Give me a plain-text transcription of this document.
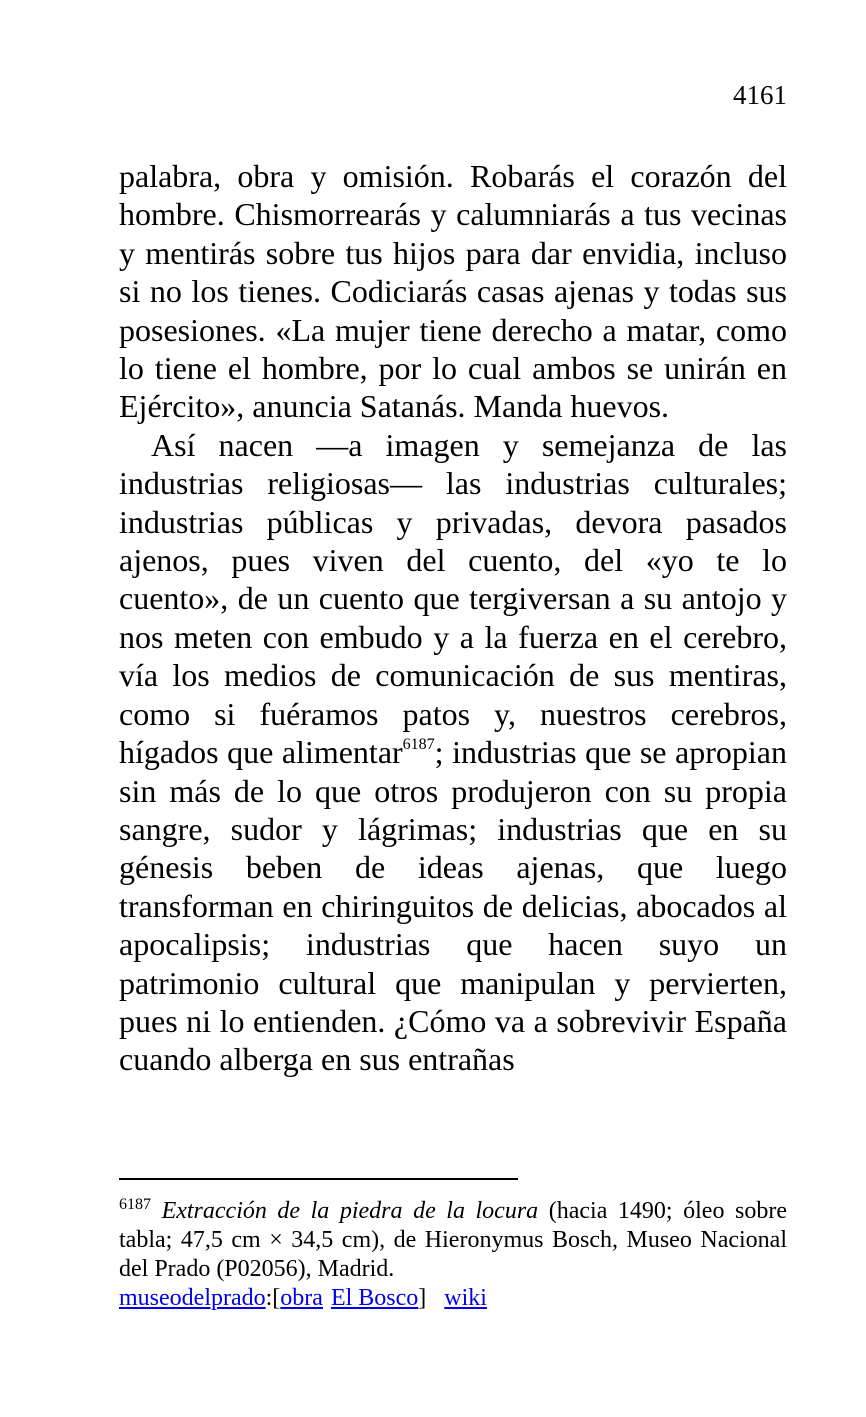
4161

palabra, obra y omisión. Robarás el corazón del hombre. Chismorrearás y calumniarás a tus vecinas y mentirás sobre tus hijos para dar envidia, incluso si no los tienes. Codiciarás casas ajenas y todas sus posesiones. «La mujer tiene derecho a matar, como lo tiene el hombre, por lo cual ambos se unirán en Ejército», anuncia Satanás. Manda huevos.

Así nacen —a imagen y semejanza de las industrias religiosas— las industrias culturales; industrias públicas y privadas, devora pasados ajenos, pues viven del cuento, del «yo te lo cuento», de un cuento que tergiversan a su antojo y nos meten con embudo y a la fuerza en el cerebro, vía los medios de comunicación de sus mentiras, como si fuéramos patos y, nuestros cerebros, hígados que alimentar$^{6187}$; industrias que se apropian sin más de lo que otros produjeron con su propia sangre, sudor y lágrimas; industrias que en su génesis beben de ideas ajenas, que luego transforman en chiringuitos de delicias, abocados al apocalipsis; industrias que hacen suyo un patrimonio cultural que manipulan y pervierten, pues ni lo entienden. ¿Cómo va a sobrevivir España cuando alberga en sus entrañas

$^{6187}$ Extracción de la piedra de la locura (hacia 1490; óleo sobre tabla; 47,5 cm × 34,5 cm), de Hieronymus Bosch, Museo Nacional del Prado (P02056), Madrid.

museodelprado:[obra El Bosco] wiki
